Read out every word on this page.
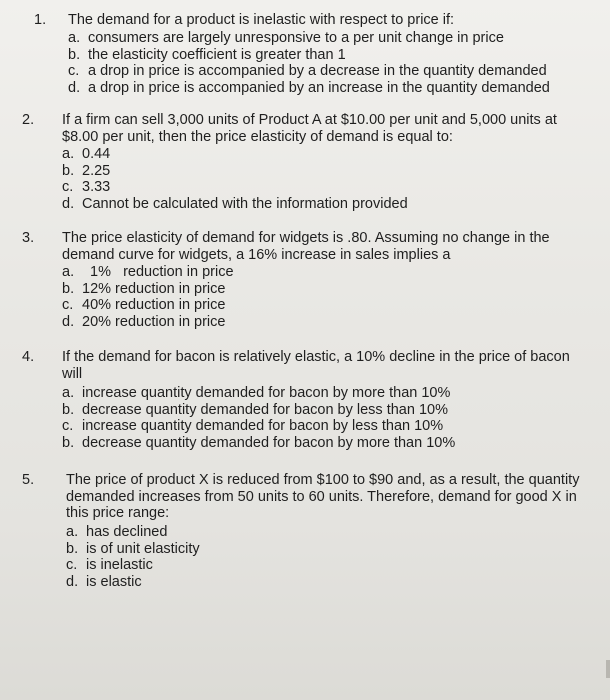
1. The demand for a product is inelastic with respect to price if:
a. consumers are largely unresponsive to a per unit change in price
b. the elasticity coefficient is greater than 1
c. a drop in price is accompanied by a decrease in the quantity demanded
d. a drop in price is accompanied by an increase in the quantity demanded
2. If a firm can sell 3,000 units of Product A at $10.00 per unit and 5,000 units at $8.00 per unit, then the price elasticity of demand is equal to:
a. 0.44
b. 2.25
c. 3.33
d. Cannot be calculated with the information provided
3. The price elasticity of demand for widgets is .80. Assuming no change in the demand curve for widgets, a 16% increase in sales implies a
a.  1%   reduction in price
b. 12% reduction in price
c. 40% reduction in price
d. 20% reduction in price
4. If the demand for bacon is relatively elastic, a 10% decline in the price of bacon will
a. increase quantity demanded for bacon by more than 10%
b. decrease quantity demanded for bacon by less than 10%
c. increase quantity demanded for bacon by less than 10%
b. decrease quantity demanded for bacon by more than 10%
5. The price of product X is reduced from $100 to $90 and, as a result, the quantity demanded increases from 50 units to 60 units. Therefore, demand for good X in this price range:
a. has declined
b. is of unit elasticity
c. is inelastic
d. is elastic
